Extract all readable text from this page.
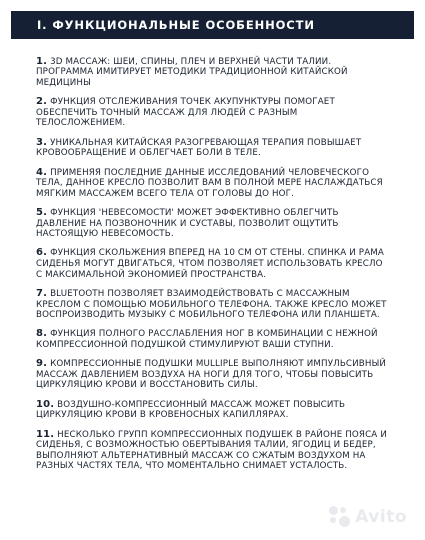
I. ФУНКЦИОНАЛЬНЫЕ ОСОБЕННОСТИ

1. 3D МАССАЖ: ШЕИ, СПИНЫ, ПЛЕЧ И ВЕРХНЕЙ ЧАСТИ ТАЛИИ. ПРОГРАММА ИМИТИРУЕТ МЕТОДИКИ ТРАДИЦИОННОЙ КИТАЙСКОЙ МЕДИЦИНЫ

2. ФУНКЦИЯ ОТСЛЕЖИВАНИЯ ТОЧЕК АКУПУНКТУРЫ ПОМОГАЕТ ОБЕСПЕЧИТЬ ТОЧНЫЙ МАССАЖ ДЛЯ ЛЮДЕЙ С РАЗНЫМ ТЕЛОСЛОЖЕНИЕМ.

3. УНИКАЛЬНАЯ КИТАЙСКАЯ РАЗОГРЕВАЮЩАЯ ТЕРАПИЯ ПОВЫШАЕТ КРОВООБРАЩЕНИЕ И ОБЛЕГЧАЕТ БОЛИ В ТЕЛЕ.

4. ПРИМЕНЯЯ ПОСЛЕДНИЕ ДАННЫЕ ИССЛЕДОВАНИЙ ЧЕЛОВЕЧЕСКОГО ТЕЛА, ДАННОЕ КРЕСЛО ПОЗВОЛИТ ВАМ В ПОЛНОЙ МЕРЕ НАСЛАЖДАТЬСЯ МЯГКИМ МАССАЖЕМ ВСЕГО ТЕЛА ОТ ГОЛОВЫ ДО НОГ.

5. ФУНКЦИЯ 'НЕВЕСОМОСТИ' МОЖЕТ ЭФФЕКТИВНО ОБЛЕГЧИТЬ ДАВЛЕНИЕ НА ПОЗВОНОЧНИК И СУСТАВЫ, ПОЗВОЛИТ ОЩУТИТЬ НАСТОЯЩУЮ НЕВЕСОМОСТЬ.

6. ФУНКЦИЯ СКОЛЬЖЕНИЯ ВПЕРЕД НА 10 СМ ОТ СТЕНЫ. СПИНКА И РАМА СИДЕНЬЯ МОГУТ ДВИГАТЬСЯ, ЧТОМ ПОЗВОЛЯЕТ ИСПОЛЬЗОВАТЬ КРЕСЛО С МАКСИМАЛЬНОЙ ЭКОНОМИЕЙ ПРОСТРАНСТВА.

7. BLUETOOTH ПОЗВОЛЯЕТ ВЗАИМОДЕЙСТВОВАТЬ С МАССАЖНЫМ КРЕСЛОМ С ПОМОЩЬЮ МОБИЛЬНОГО ТЕЛЕФОНА. ТАКЖЕ КРЕСЛО МОЖЕТ ВОСПРОИЗВОДИТЬ МУЗЫКУ С МОБИЛЬНОГО ТЕЛЕФОНА ИЛИ ПЛАНШЕТА.

8. ФУНКЦИЯ ПОЛНОГО РАССЛАБЛЕНИЯ НОГ В КОМБИНАЦИИ С НЕЖНОЙ КОМПРЕССИОННОЙ ПОДУШКОЙ СТИМУЛИРУЮТ ВАШИ СТУПНИ.

9. КОМПРЕССИОННЫЕ ПОДУШКИ MULLIPLE ВЫПОЛНЯЮТ ИМПУЛЬСИВНЫЙ МАССАЖ ДАВЛЕНИЕМ ВОЗДУХА НА НОГИ ДЛЯ ТОГО, ЧТОБЫ ПОВЫСИТЬ ЦИРКУЛЯЦИЮ КРОВИ И ВОССТАНОВИТЬ СИЛЫ.

10. ВОЗДУШНО-КОМПРЕССИОННЫЙ МАССАЖ МОЖЕТ ПОВЫСИТЬ ЦИРКУЛЯЦИЮ КРОВИ В КРОВЕНОСНЫХ КАПИЛЛЯРАХ.

11. НЕСКОЛЬКО ГРУПП КОМПРЕССИОННЫХ ПОДУШЕК В РАЙОНЕ ПОЯСА И СИДЕНЬЯ, С ВОЗМОЖНОСТЬЮ ОБЕРТЫВАНИЯ ТАЛИИ, ЯГОДИЦ И БЕДЕР, ВЫПОЛНЯЮТ АЛЬТЕРНАТИВНЫЙ МАССАЖ СО СЖАТЫМ ВОЗДУХОМ НА РАЗНЫХ ЧАСТЯХ ТЕЛА, ЧТО МОМЕНТАЛЬНО СНИМАЕТ УСТАЛОСТЬ.

Avito
